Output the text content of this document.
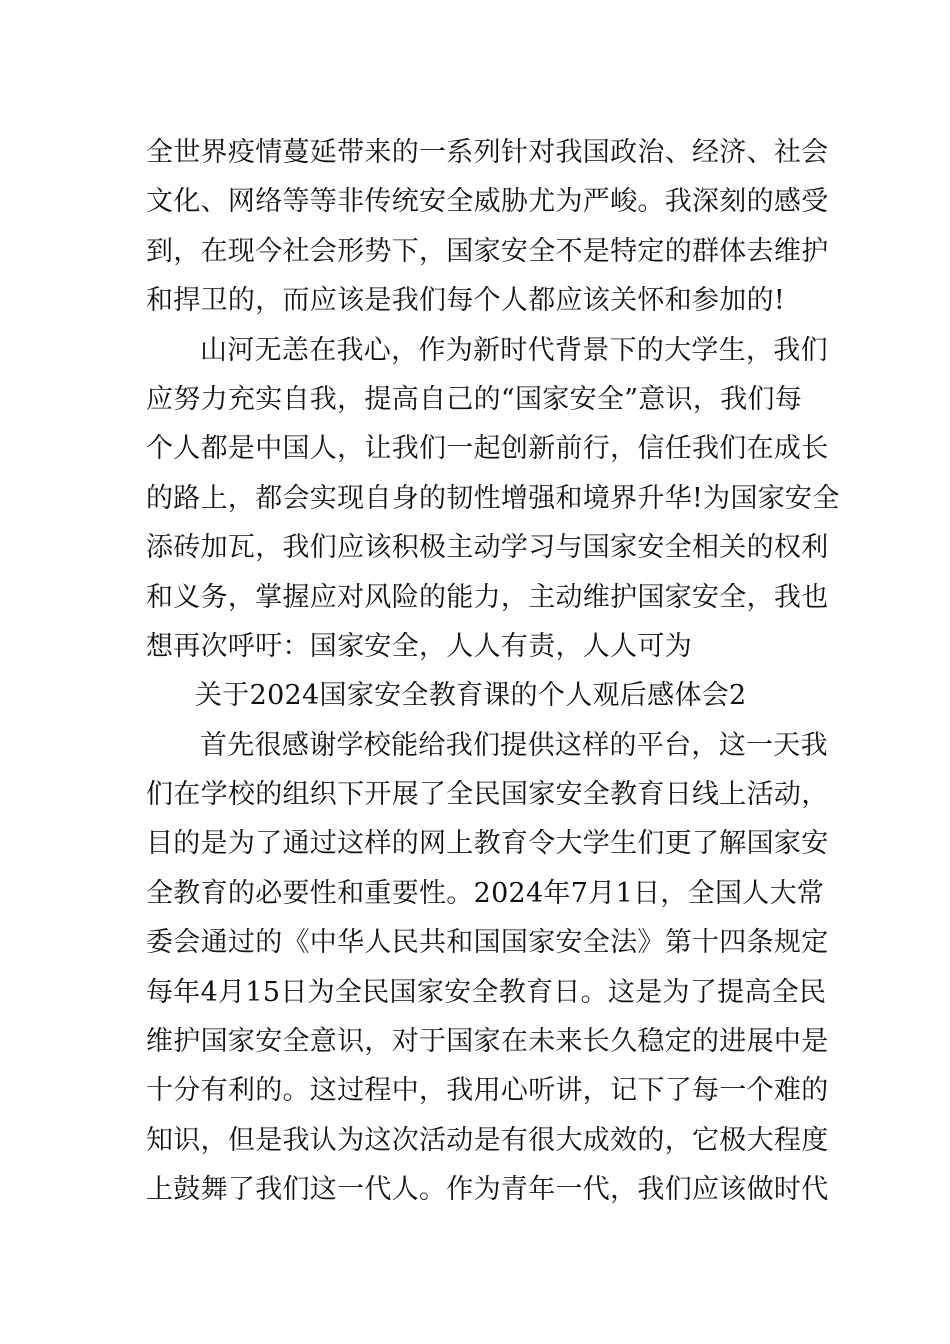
全世界疫情蔓延带来的一系列针对我国政治、经济、社会
文化、网络等等非传统安全威胁尤为严峻。我深刻的感受
到，在现今社会形势下，国家安全不是特定的群体去维护
和捍卫的，而应该是我们每个人都应该关怀和参加的!
山河无恙在我心，作为新时代背景下的大学生，我们
应努力充实自我，提高自己的“国家安全”意识，我们每
个人都是中国人，让我们一起创新前行，信任我们在成长
的路上，都会实现自身的韧性增强和境界升华!为国家安全
添砖加瓦，我们应该积极主动学习与国家安全相关的权利
和义务，掌握应对风险的能力，主动维护国家安全，我也
想再次呼吁：国家安全，人人有责，人人可为
关于2024国家安全教育课的个人观后感体会2
首先很感谢学校能给我们提供这样的平台，这一天我
们在学校的组织下开展了全民国家安全教育日线上活动，
目的是为了通过这样的网上教育令大学生们更了解国家安
全教育的必要性和重要性。2024年7月1日，全国人大常
委会通过的《中华人民共和国国家安全法》第十四条规定
每年4月15日为全民国家安全教育日。这是为了提高全民
维护国家安全意识，对于国家在未来长久稳定的进展中是
十分有利的。这过程中，我用心听讲，记下了每一个难的
知识，但是我认为这次活动是有很大成效的，它极大程度
上鼓舞了我们这一代人。作为青年一代，我们应该做时代
